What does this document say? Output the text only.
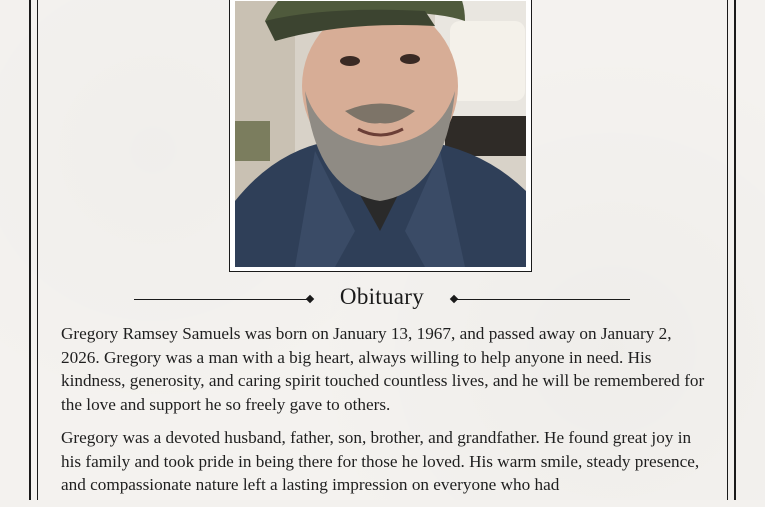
Obituary

Gregory Ramsey Samuels was born on January 13, 1967, and passed away on January 2, 2026. Gregory was a man with a big heart, always willing to help anyone in need. His kindness, generosity, and caring spirit touched countless lives, and he will be remembered for the love and support he so freely gave to others.

Gregory was a devoted husband, father, son, brother, and grandfather. He found great joy in his family and took pride in being there for those he loved. His warm smile, steady presence, and compassionate nature left a lasting impression on everyone who had
